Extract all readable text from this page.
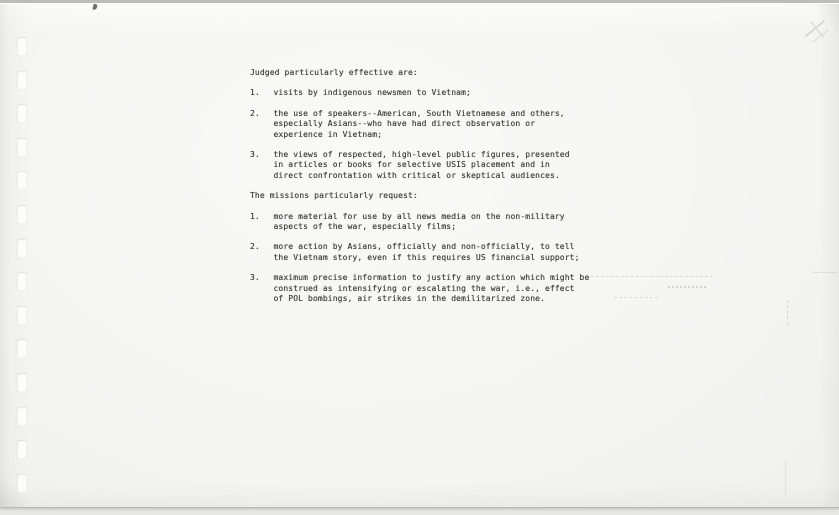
Judged particularly effective are:

1.	visits by indigenous newsmen to Vietnam;
2.	the use of speakers--American, South Vietnamese and others,
especially Asians--who have had direct observation or
experience in Vietnam;
3.	the views of respected, high-level public figures, presented
in articles or books for selective USIS placement and in
direct confrontation with critical or skeptical audiences.

The missions particularly request:

1.	more material for use by all news media on the non-military
aspects of the war, especially films;
2.	more action by Asians, officially and non-officially, to tell
the Vietnam story, even if this requires US financial support;
3.	maximum precise information to justify any action which might be
construed as intensifying or escalating the war, i.e., effect
of POL bombings, air strikes in the demilitarized zone.
